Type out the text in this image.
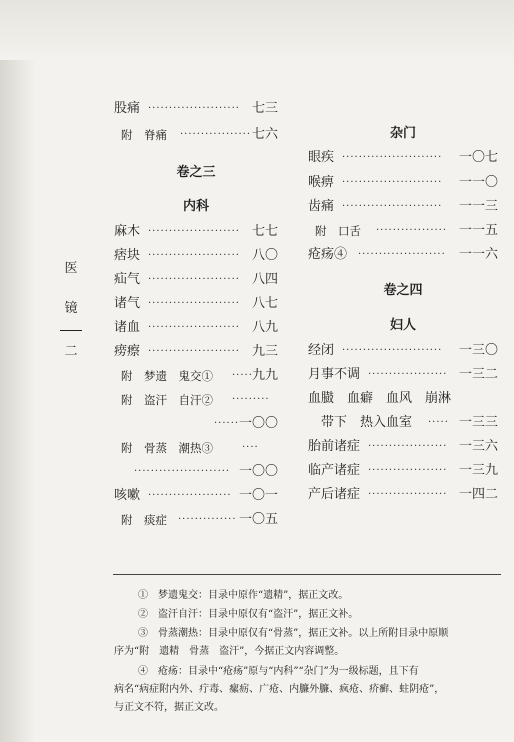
医
镜
二
股痛 ······················ 七三
附　脊痛 ················· 七六
卷之三
内科
麻木 ······················ 七七
痞块 ······················ 八〇
疝气 ······················ 八四
诸气 ······················ 八七
诸血 ······················ 八九
痨瘵 ······················ 九三
附　梦遗　鬼交① ····· 九九
附　盗汗　自汗② ·········
······ 一〇〇
附　骨蒸　潮热③	····
······················· 一〇〇
咳嗽 ···················· 一〇一
附　痰症 ·············· 一〇五
杂门
眼疾 ························	一〇七
喉痹 ························	一一〇
齿痛 ························	一一三
附　口舌 ················· 一一五
疮疡④ ·····················	一一六
卷之四
妇人
经闭 ························	一三〇
月事不调 ··················· 一三二
血臌　血癖　血风　崩淋
　带下　热入血室 ····· 一三三
胎前诸症 ··················· 一三六
临产诸症 ··················· 一三九
产后诸症 ··················· 一四二
①　梦遗鬼交：目录中原作“遗精”，据正文改。
②　盗汗自汗：目录中原仅有“盗汗”，据正文补。
③　骨蒸潮热：目录中原仅有“骨蒸”，据正文补。以上所附目录中原顺
序为“附　遗精　骨蒸　盗汗”，今据正文内容调整。
④　疮疡：目录中“疮疡”原与“内科”“杂门”为一级标题，且下有
病名“病症附内外、疔毒、瘰疬、广疮、内臁外臁、疯疮、疥癣、蛀阴疮”，
与正文不符，据正文改。
